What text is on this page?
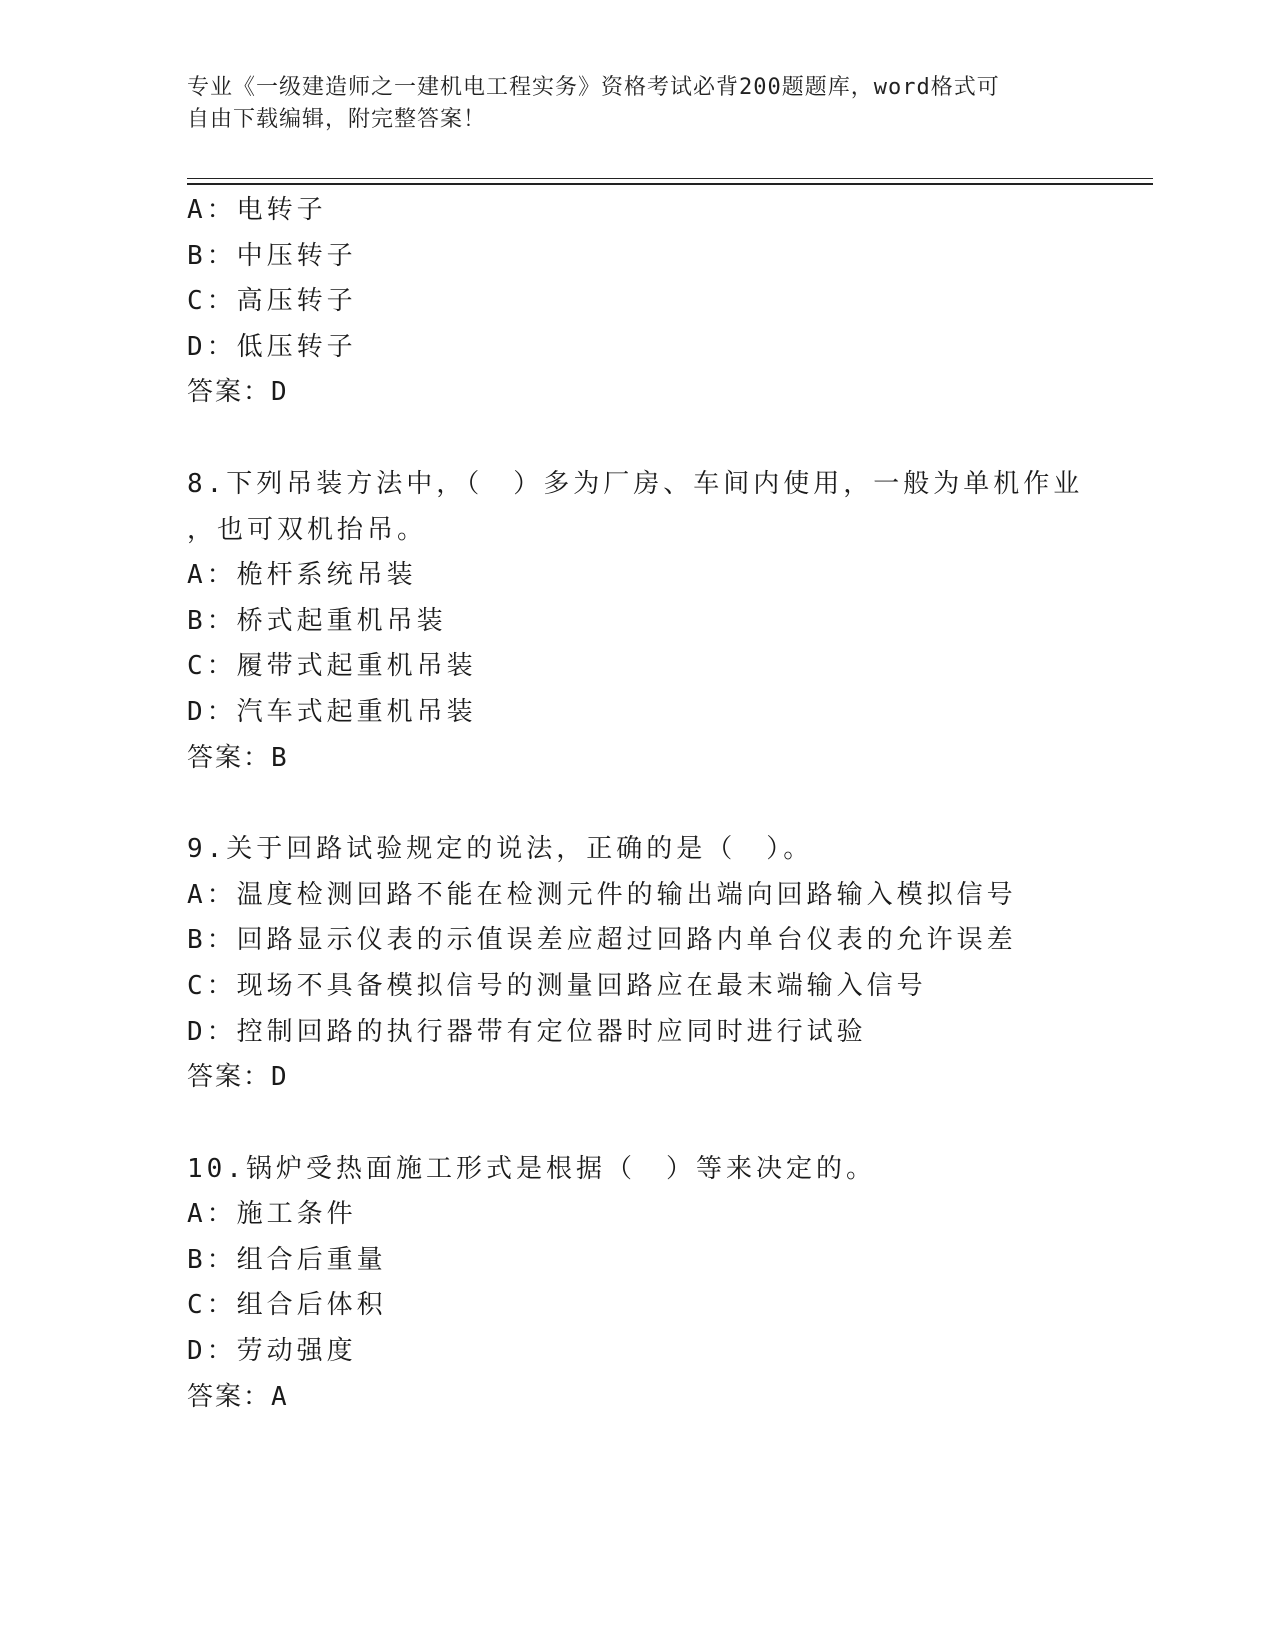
专业《一级建造师之一建机电工程实务》资格考试必背200题题库，word格式可
自由下载编辑，附完整答案！
A：电转子
B：中压转子
C：高压转子
D：低压转子
答案：D
8.下列吊装方法中，（　）多为厂房、车间内使用，一般为单机作业
，也可双机抬吊。
A：桅杆系统吊装
B：桥式起重机吊装
C：履带式起重机吊装
D：汽车式起重机吊装
答案：B
9.关于回路试验规定的说法，正确的是（　）。
A：温度检测回路不能在检测元件的输出端向回路输入模拟信号
B：回路显示仪表的示值误差应超过回路内单台仪表的允许误差
C：现场不具备模拟信号的测量回路应在最末端输入信号
D：控制回路的执行器带有定位器时应同时进行试验
答案：D
10.锅炉受热面施工形式是根据（　）等来决定的。
A：施工条件
B：组合后重量
C：组合后体积
D：劳动强度
答案：A
